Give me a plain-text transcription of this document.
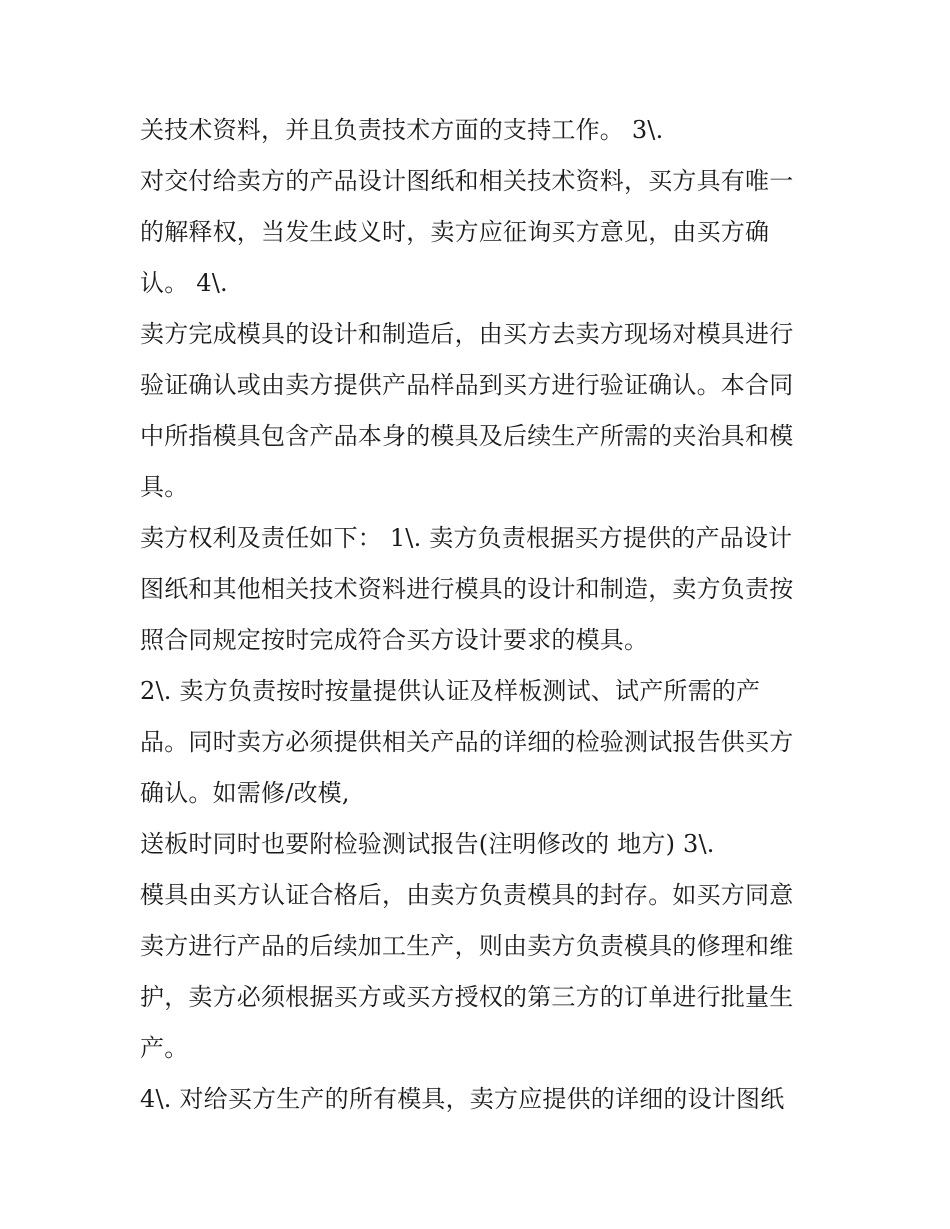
关技术资料，并且负责技术方面的支持工作。 3\.
对交付给卖方的产品设计图纸和相关技术资料，买方具有唯一
的解释权，当发生歧义时，卖方应征询买方意见，由买方确
认。 4\.
卖方完成模具的设计和制造后，由买方去卖方现场对模具进行
验证确认或由卖方提供产品样品到买方进行验证确认。本合同
中所指模具包含产品本身的模具及后续生产所需的夹治具和模
具。
卖方权利及责任如下： 1\. 卖方负责根据买方提供的产品设计
图纸和其他相关技术资料进行模具的设计和制造，卖方负责按
照合同规定按时完成符合买方设计要求的模具。
2\. 卖方负责按时按量提供认证及样板测试、试产所需的产
品。同时卖方必须提供相关产品的详细的检验测试报告供买方
确认。如需修/改模,
送板时同时也要附检验测试报告(注明修改的 地方) 3\.
模具由买方认证合格后，由卖方负责模具的封存。如买方同意
卖方进行产品的后续加工生产，则由卖方负责模具的修理和维
护，卖方必须根据买方或买方授权的第三方的订单进行批量生
产。
4\. 对给买方生产的所有模具，卖方应提供的详细的设计图纸
